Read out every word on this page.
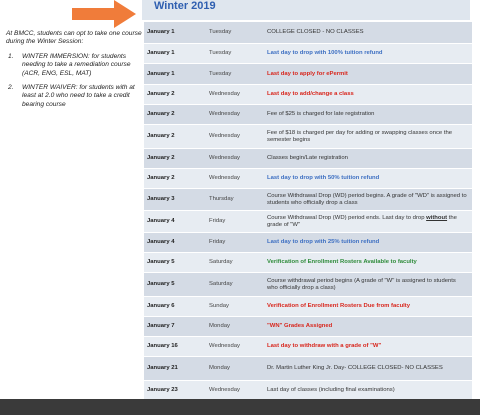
Winter 2019

At BMCC, students can opt to take one course during the Winter Session:

1.	WINTER IMMERSION: for students needing to take a remediation course (ACR, ENG, ESL, MAT)
2.	WINTER WAIVER: for students with at least at 2.0 who need to take a credit bearing course
January 1	Tuesday	COLLEGE CLOSED - NO CLASSES
January 1	Tuesday	Last day to drop with 100% tuition refund
January 1	Tuesday	Last day to apply for ePermit
January 2	Wednesday	Last day to add/change a class
January 2	Wednesday	Fee of $25 is charged for late registration
January 2	Wednesday
Fee of $18 is charged per day for adding or swapping classes once the semester begins
January 2	Wednesday	Classes begin/Late registration
January 2	Wednesday	Last day to drop with 50% tuition refund
January 3	Thursday
Course Withdrawal Drop (WD) period begins. A grade of "WD" is assigned to students who officially drop a class
January 4	Friday
Course Withdrawal Drop (WD) period ends. Last day to drop without the grade of "W"
January 4	Friday	Last day to drop with 25% tuition refund
January 5	Saturday	Verification of Enrollment Rosters Available to faculty
January 5	Saturday
Course withdrawal period begins (A grade of "W" is assigned to students who officially drop a class)
January 6	Sunday	Verification of Enrollment Rosters Due from faculty
January 7	Monday	"WN" Grades Assigned
January 16	Wednesday	Last day to withdraw with a grade of "W"
January 21	Monday	Dr. Martin Luther King Jr. Day- COLLEGE CLOSED- NO CLASSES
January 23	Wednesday	Last day of classes (including final examinations)
